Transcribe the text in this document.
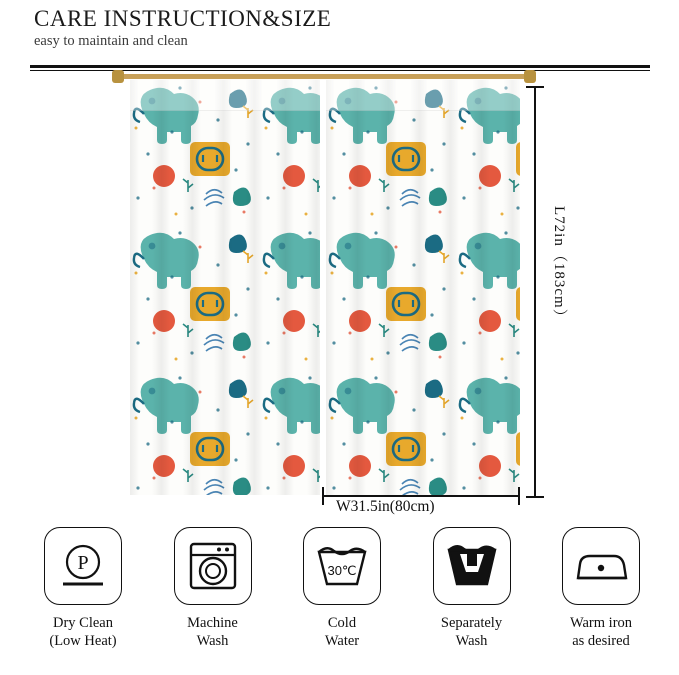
CARE INSTRUCTION&SIZE
easy to maintain and clean
L72in（183cm）
W31.5in(80cm)
P
Dry Clean
(Low Heat)
Machine
Wash
30℃
Cold
Water
Separately
Wash
Warm iron
as desired
